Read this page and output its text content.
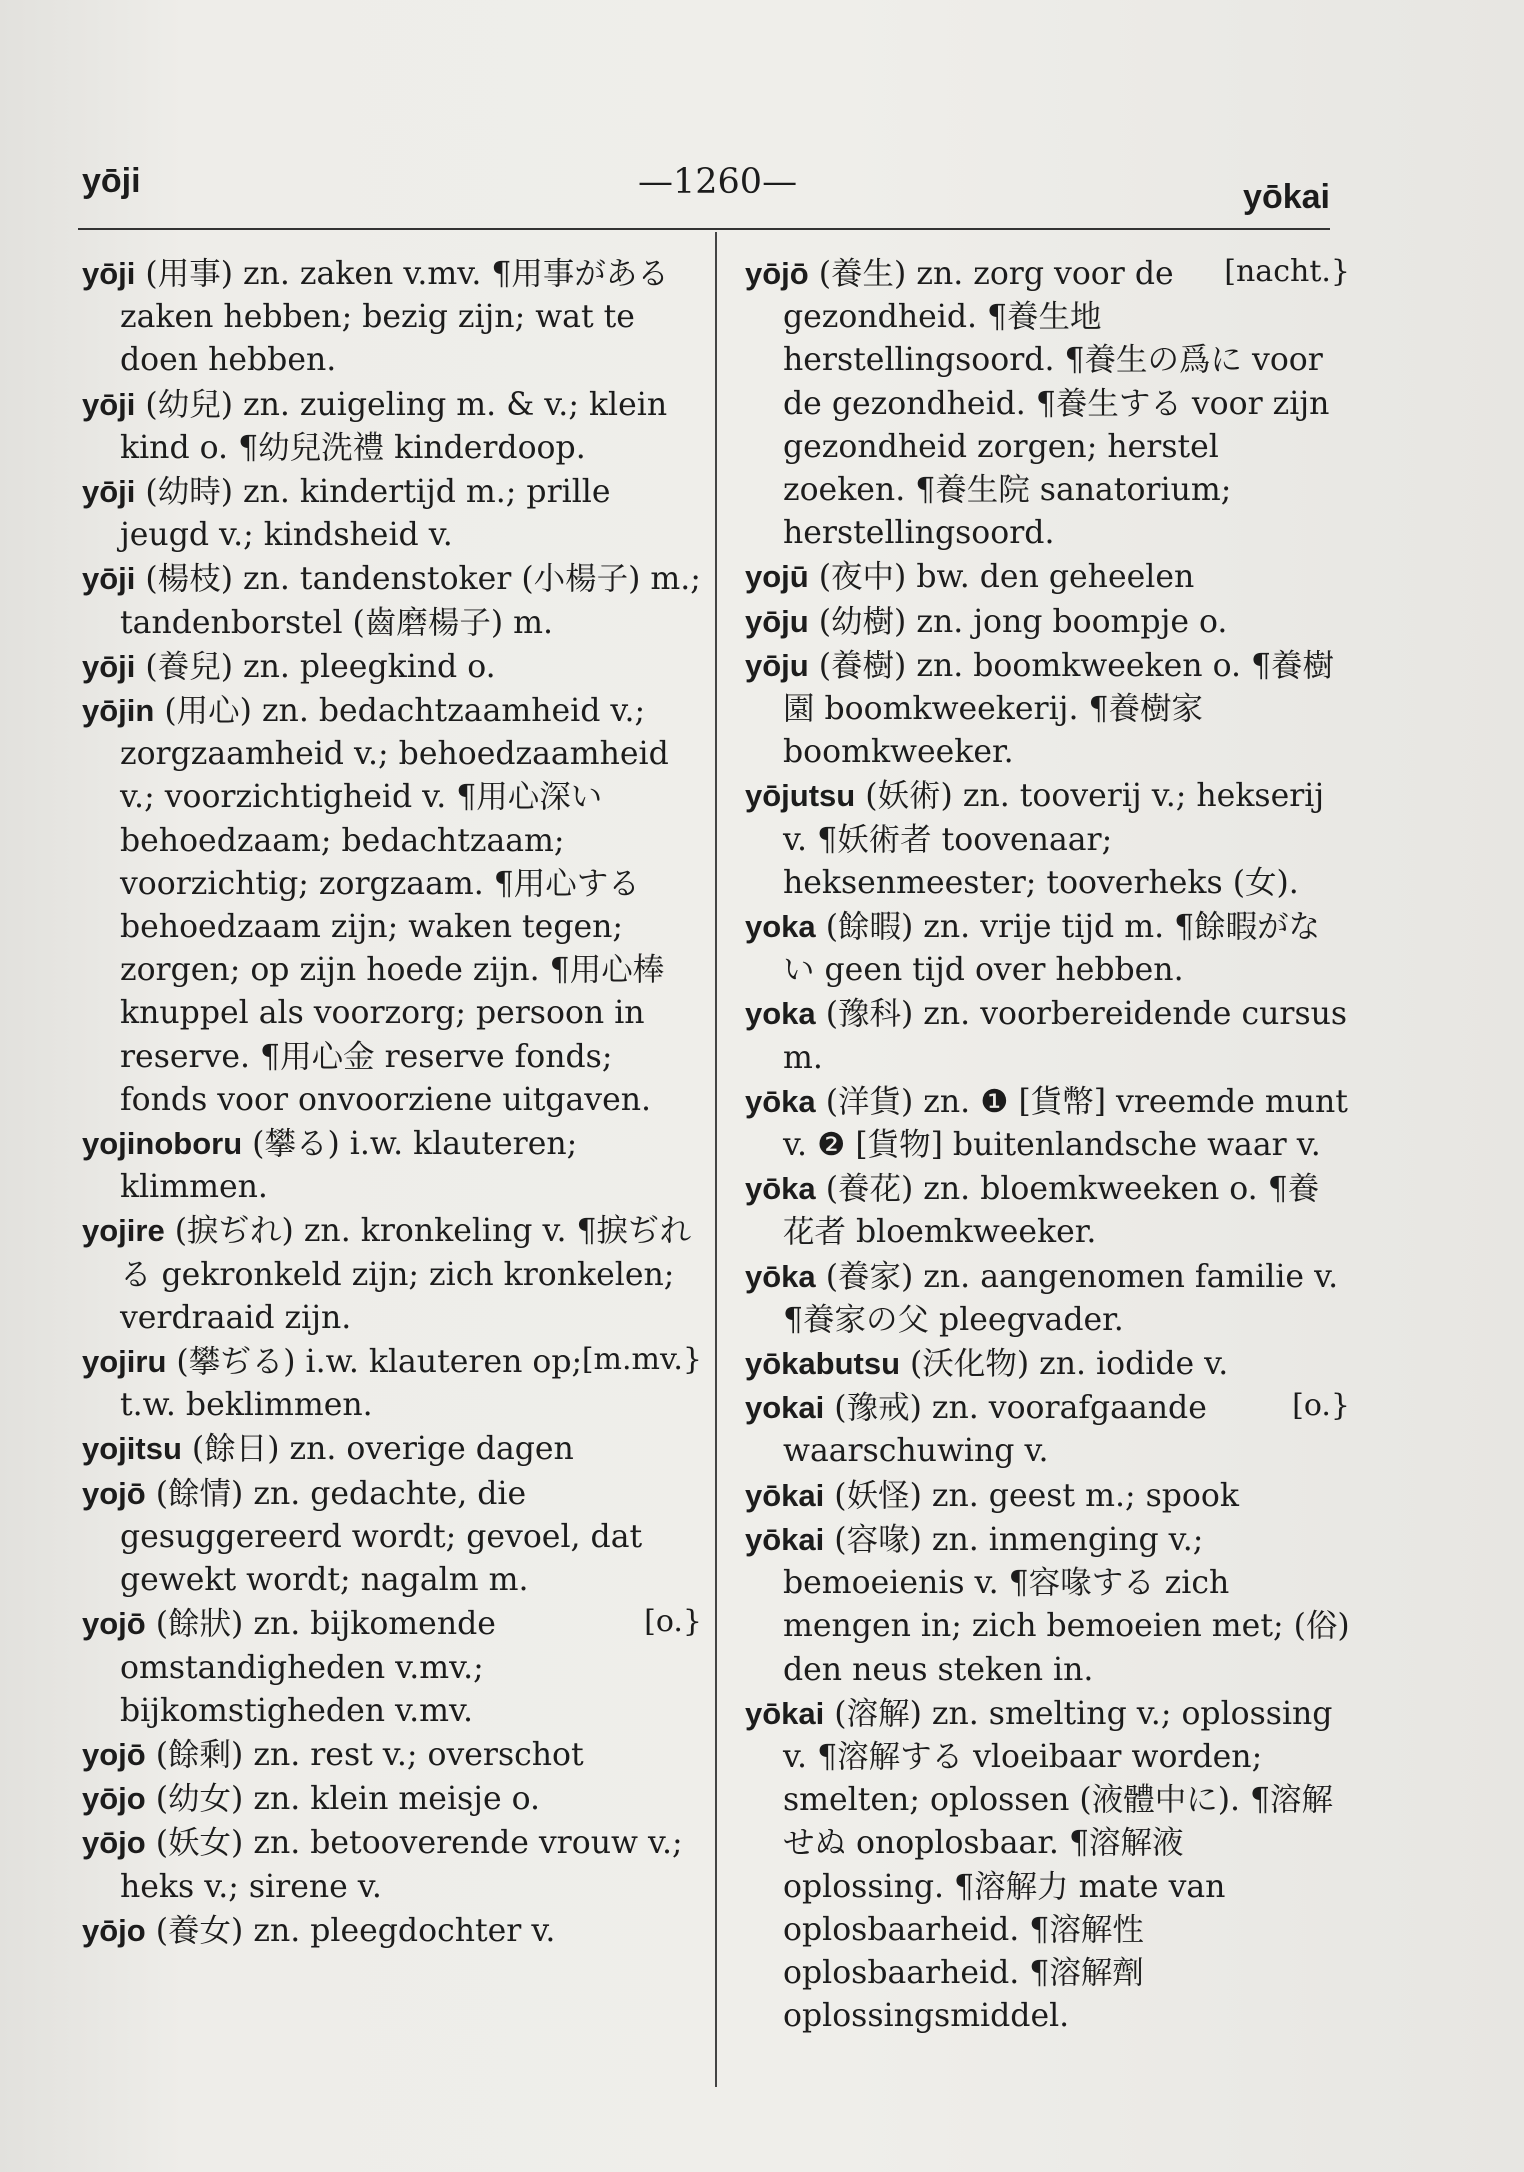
yōji	—1260—	yōkai

yōji (用事) zn. zaken v.mv. ¶用事がある zaken hebben; bezig zijn; wat te doen hebben.

yōji (幼兒) zn. zuigeling m. & v.; klein kind o. ¶幼兒洗禮 kinderdoop.

yōji (幼時) zn. kindertijd m.; prille jeugd v.; kindsheid v.

yōji (楊枝) zn. tandenstoker (小楊子) m.; tandenborstel (齒磨楊子) m.

yōji (養兒) zn. pleegkind o.

yōjin (用心) zn. bedachtzaamheid v.; zorgzaamheid v.; behoedzaamheid v.; voorzichtigheid v. ¶用心深い behoedzaam; bedachtzaam; voorzichtig; zorgzaam. ¶用心する behoedzaam zijn; waken tegen; zorgen; op zijn hoede zijn. ¶用心棒 knuppel als voorzorg; persoon in reserve. ¶用心金 reserve fonds; fonds voor onvoorziene uitgaven.

yojinoboru (攀る) i.w. klauteren; klimmen.

yojire (捩ぢれ) zn. kronkeling v. ¶捩ぢれる gekronkeld zijn; zich kronkelen; verdraaid zijn.

[m.mv.}
yojiru (攀ぢる) i.w. klauteren op; t.w. beklimmen.

yojitsu (餘日) zn. overige dagen

yojō (餘情) zn. gedachte, die gesuggereerd wordt; gevoel, dat gewekt wordt; nagalm m.

[o.}
yojō (餘狀) zn. bijkomende omstandigheden v.mv.; bijkomstigheden v.mv.

yojō (餘剩) zn. rest v.; overschot

yōjo (幼女) zn. klein meisje o.

yōjo (妖女) zn. betooverende vrouw v.; heks v.; sirene v.

yōjo (養女) zn. pleegdochter v.

[nacht.}
yōjō (養生) zn. zorg voor de gezondheid. ¶養生地 herstellingsoord. ¶養生の爲に voor de gezondheid. ¶養生する voor zijn gezondheid zorgen; herstel zoeken. ¶養生院 sanatorium; herstellingsoord.

yojū (夜中) bw. den geheelen

yōju (幼樹) zn. jong boompje o.

yōju (養樹) zn. boomkweeken o. ¶養樹園 boomkweekerij. ¶養樹家 boomkweeker.

yōjutsu (妖術) zn. tooverij v.; hekserij v. ¶妖術者 toovenaar; heksenmeester; tooverheks (女).

yoka (餘暇) zn. vrije tijd m. ¶餘暇がない geen tijd over hebben.

yoka (豫科) zn. voorbereidende cursus m.

yōka (洋貨) zn. ❶ [貨幣] vreemde munt v. ❷ [貨物] buitenlandsche waar v.

yōka (養花) zn. bloemkweeken o. ¶養花者 bloemkweeker.

yōka (養家) zn. aangenomen familie v. ¶養家の父 pleegvader.

yōkabutsu (沃化物) zn. iodide v.

[o.}
yokai (豫戒) zn. voorafgaande waarschuwing v.

yōkai (妖怪) zn. geest m.; spook

yōkai (容喙) zn. inmenging v.; bemoeienis v. ¶容喙する zich mengen in; zich bemoeien met; (俗) den neus steken in.

yōkai (溶解) zn. smelting v.; oplossing v. ¶溶解する vloeibaar worden; smelten; oplossen (液體中に). ¶溶解せぬ onoplosbaar. ¶溶解液 oplossing. ¶溶解力 mate van oplosbaarheid. ¶溶解性 oplosbaarheid. ¶溶解劑 oplossingsmiddel.
